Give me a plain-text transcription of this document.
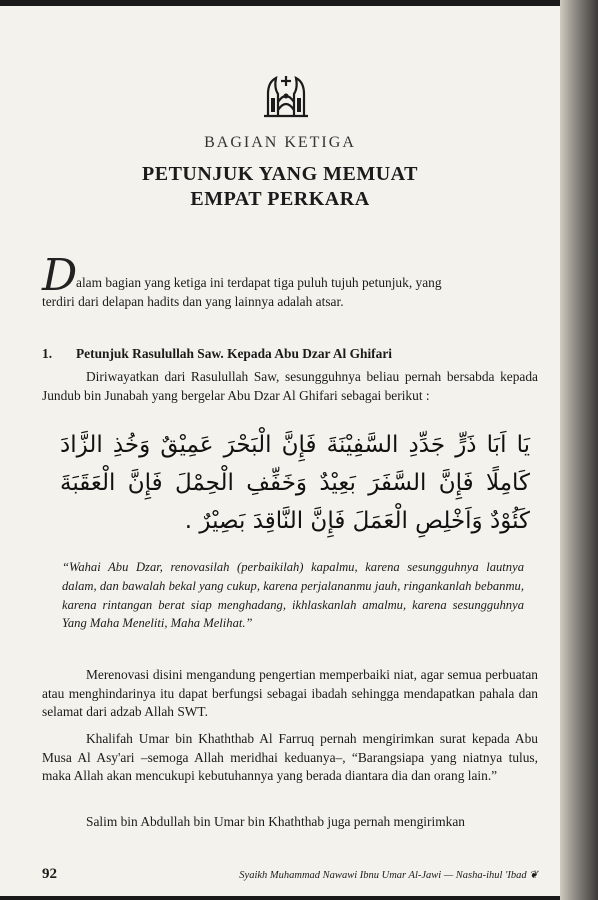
BAGIAN KETIGA
PETUNJUK YANG MEMUAT
EMPAT PERKARA
D
alam bagian yang ketiga ini terdapat tiga puluh tujuh petunjuk, yang
terdiri dari delapan hadits dan yang lainnya adalah atsar.
1. Petunjuk Rasulullah Saw. Kepada Abu Dzar Al Ghifari
Diriwayatkan dari Rasulullah Saw, sesungguhnya beliau pernah bersabda kepada Jundub bin Junabah yang bergelar Abu Dzar Al Ghifari sebagai berikut :
يَا اَبَا ذَرٍّ جَدِّدِ السَّفِيْنَةَ فَإِنَّ الْبَحْرَ عَمِيْقٌ وَخُذِ الزَّادَ
كَامِلًا فَإِنَّ السَّفَرَ بَعِيْدٌ وَخَفِّفِ الْحِمْلَ فَإِنَّ الْعَقَبَةَ
كَئُوْدٌ وَاَخْلِصِ الْعَمَلَ فَإِنَّ النَّاقِدَ بَصِيْرٌ .
“Wahai Abu Dzar, renovasilah (perbaikilah) kapalmu, karena sesungguhnya lautnya dalam, dan bawalah bekal yang cukup, karena perjalananmu jauh, ringankanlah bebanmu, karena rintangan berat siap menghadang, ikhlaskanlah amalmu, karena sesungguhnya Yang Maha Meneliti, Maha Melihat.”
Merenovasi disini mengandung pengertian memperbaiki niat, agar semua perbuatan atau menghindarinya itu dapat berfungsi sebagai ibadah sehingga mendapatkan pahala dan selamat dari adzab Allah SWT.
Khalifah Umar bin Khaththab Al Farruq pernah mengirimkan surat kepada Abu Musa Al Asy'ari –semoga Allah meridhai keduanya–, “Barangsiapa yang niatnya tulus, maka Allah akan mencukupi kebutuhannya yang berada diantara dia dan orang lain.”
Salim bin Abdullah bin Umar bin Khaththab juga pernah mengirimkan
92	Syaikh Muhammad Nawawi Ibnu Umar Al-Jawi — Nasha-ihul 'Ibad ❦
